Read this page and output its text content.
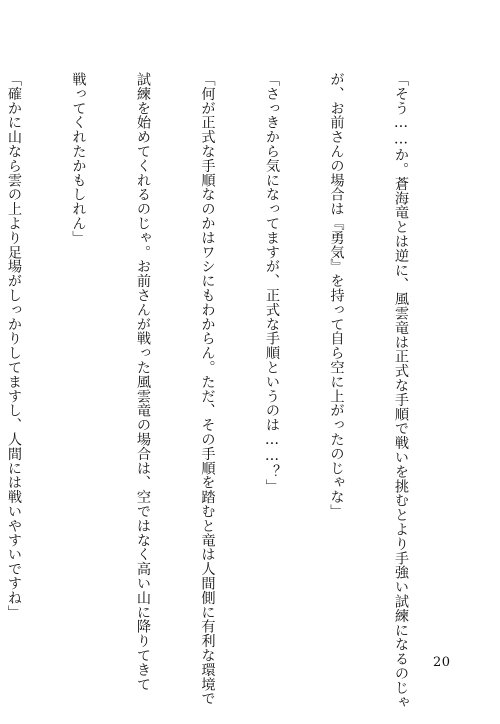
「そう……か。蒼海竜とは逆に、風雲竜は正式な手順で戦いを挑むとより手強い試練になるのじゃ

が、お前さんの場合は『勇気』を持って自ら空に上がったのじゃな」

「さっきから気になってますが、正式な手順というのは……？」

「何が正式な手順なのかはワシにもわからん。ただ、その手順を踏むと竜は人間側に有利な環境で

試練を始めてくれるのじゃ。お前さんが戦った風雲竜の場合は、空ではなく高い山に降りてきて

戦ってくれたかもしれん」

「確かに山なら雲の上より足場がしっかりしてますし、人間には戦いやすいですね」

20
